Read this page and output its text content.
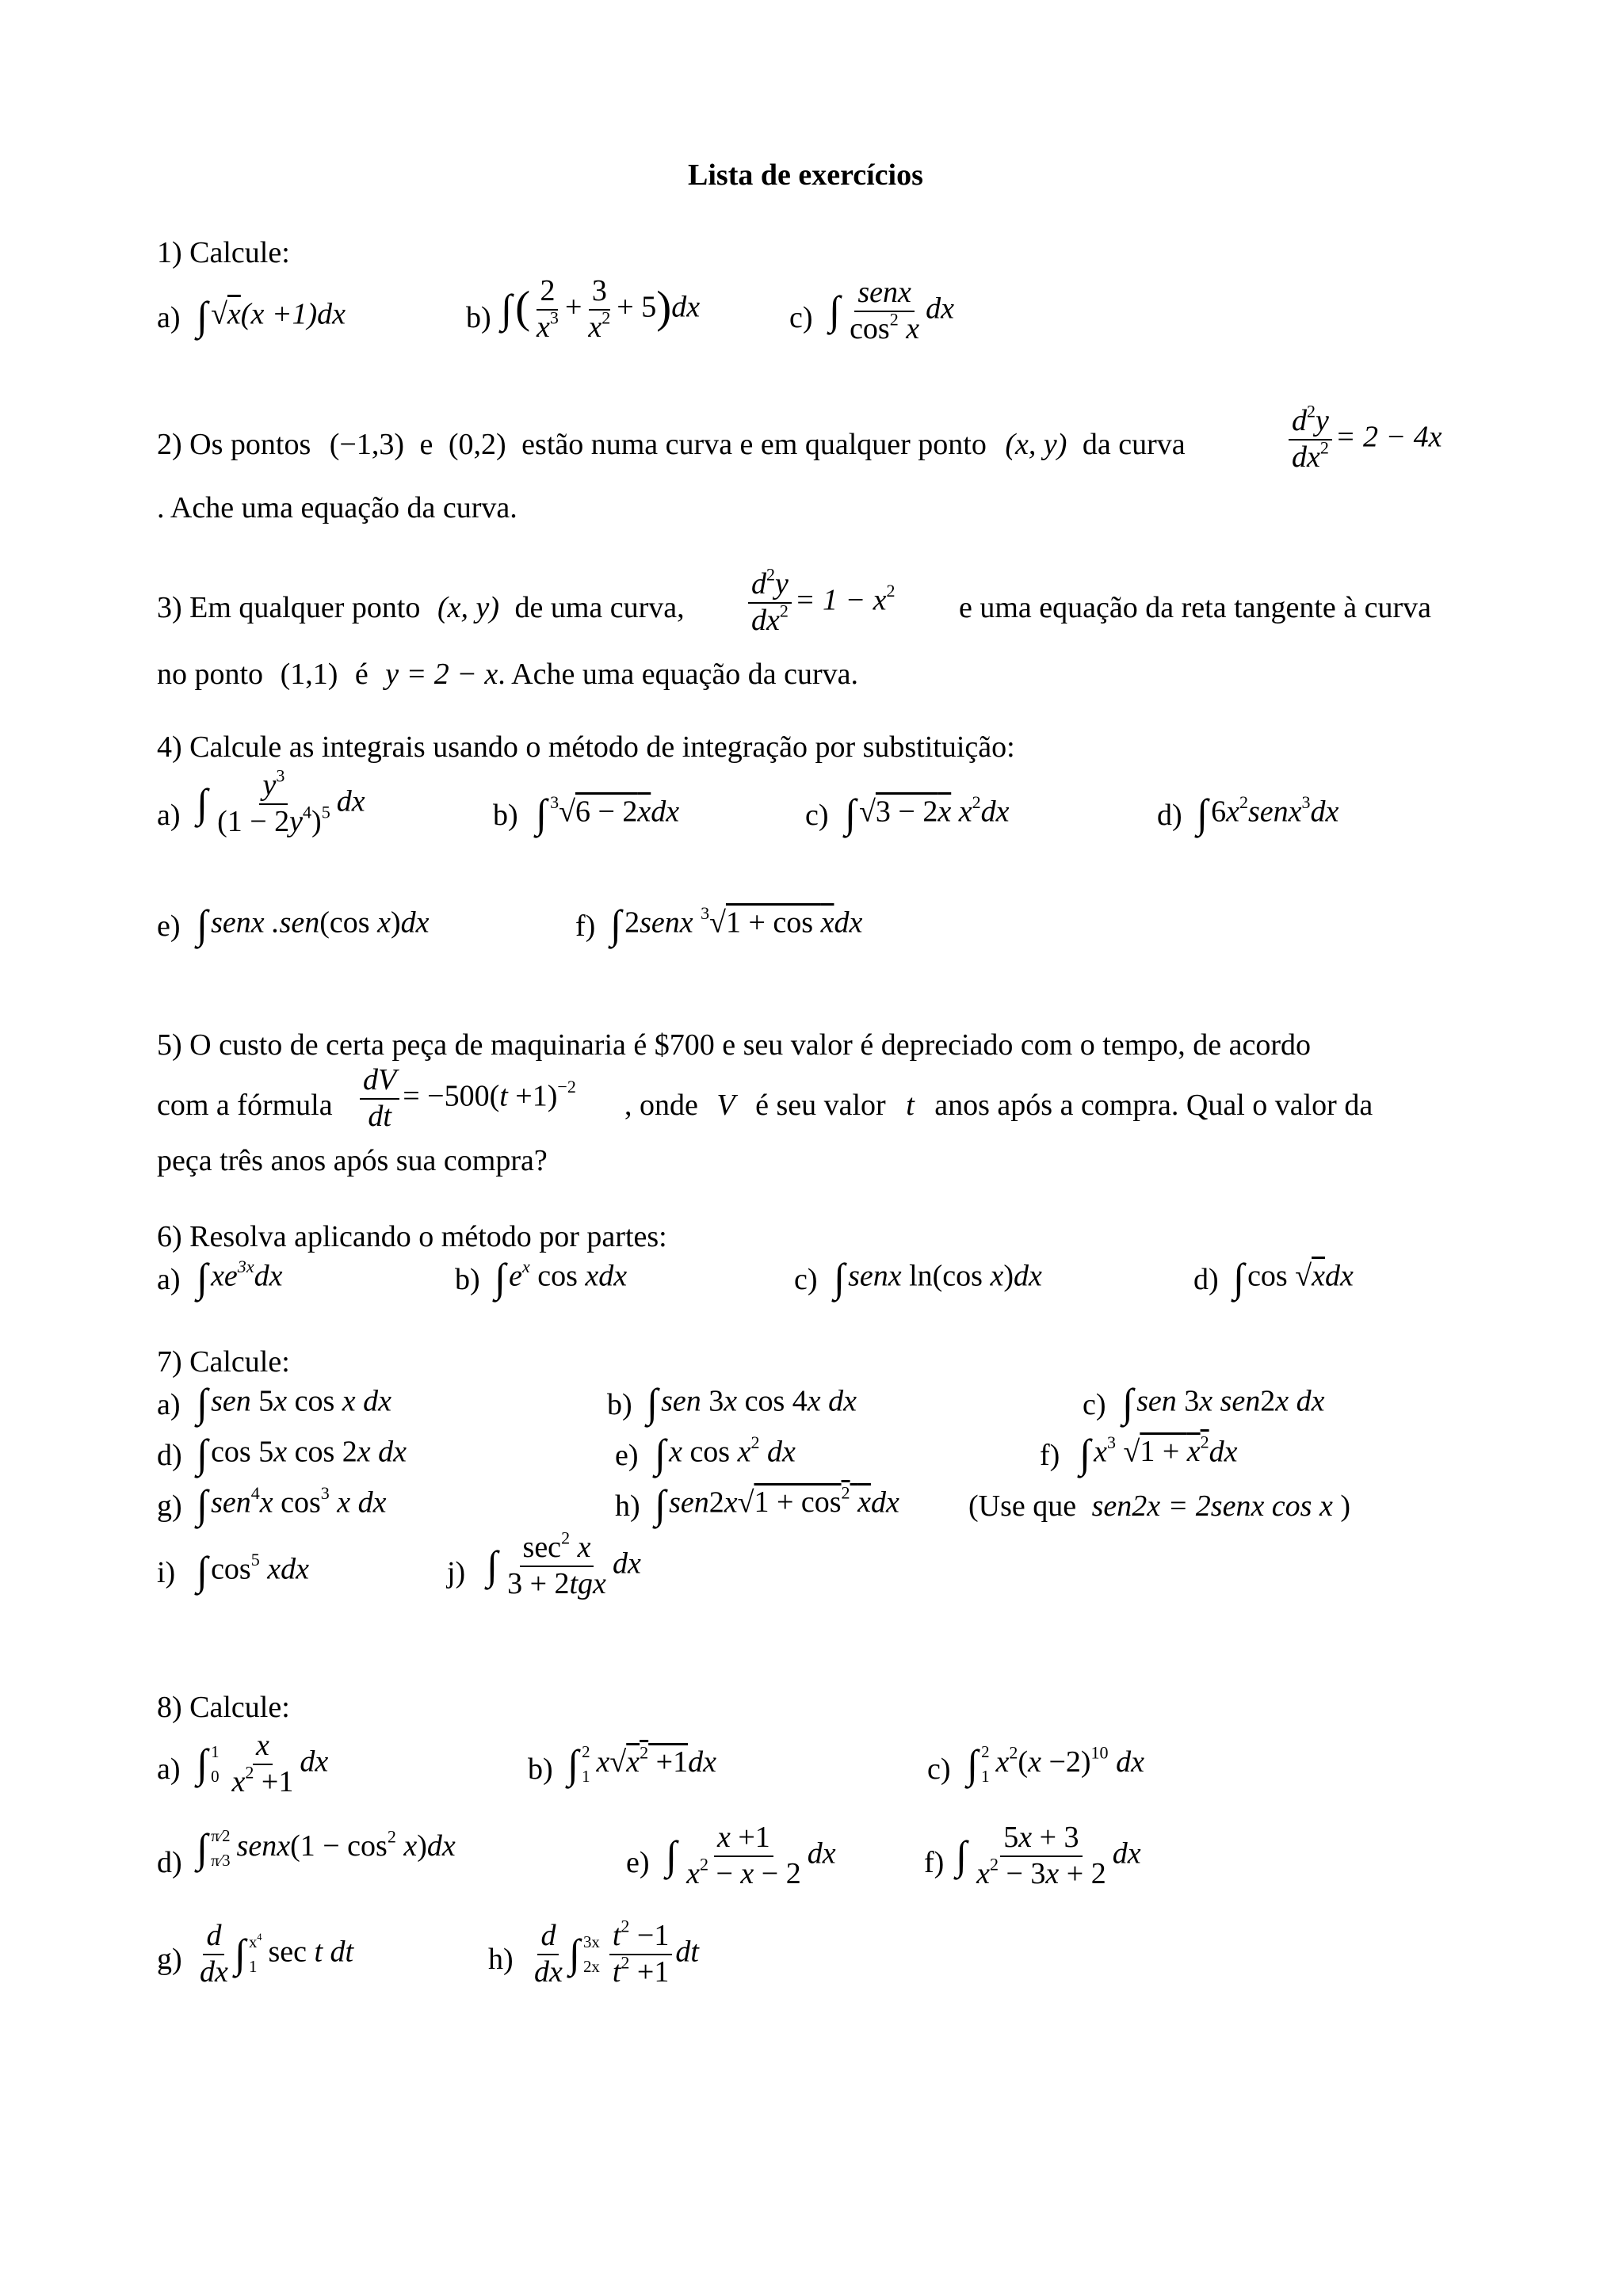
Lista de exercícios
1) Calcule:
a) ∫ √x(x +1)dx	b) ∫( $\frac{2}{x^3} + \frac{3}{x^2} + 5)dx$	c) ∫ $\frac{\text{senx}}{\cos^2 x}$ dx
2) Os pontos (−1,3) e (0,2) estão numa curva e em qualquer ponto (x, y) da curva	$\frac{d^2y}{dx^2} = 2 - 4x$
. Ache uma equação da curva.
3) Em qualquer ponto (x, y) de uma curva, $\frac{d^2y}{dx^2} = 1 - x^2$
e uma equação da reta tangente à curva
no ponto (1,1) é y = 2 − x. Ache uma equação da curva.
4) Calcule as integrais usando o método de integração por substituição:
a) ∫ $\frac{y^3}{(1 - 2y^4)^5}$ dx	b) ∫ $^3$√6 − 2xdx	c) ∫ √3 − 2x $x^2dx$	d) ∫ $6x^2senx^3dx$
e) ∫ senx .sen(cos x)dx	f) ∫ 2senx $^3$√1 + cos xdx
5) O custo de certa peça de maquinaria é $700 e seu valor é depreciado com o tempo, de acordo
com a fórmula $\frac{dV}{dt} = -500(t +1)^{-2}$
, onde V é seu valor t anos após a compra. Qual o valor da
peça três anos após sua compra?
6) Resolva aplicando o método por partes:
a) ∫ $xe^{3x}dx$	b) ∫ $e^x$ cos xdx	c) ∫ senx ln(cos x)dx	d) ∫ cos √xdx
7) Calcule:
a) ∫ sen 5x cos x dx	b) ∫ sen 3x cos 4x dx	c) ∫ sen 3x sen2x dx
d) ∫ cos 5x cos 2x dx	e) ∫ x $\cos x^2$ dx	f) ∫ $x^3$ $√1 + x^2dx$
g) ∫ sen$^4$x $\cos^3 x$ dx	h) ∫ $sen2x√1 + \cos^2$ xdx (Use que sen2x = 2senx cos x )
i) ∫ $\cos^5$ xdx	j) ∫ $\frac{\sec^2 x}{\text{3 + 2tgx}}$ dx
8) Calcule:
a) ∫ 1
$0 \frac{x}{x^2 +1}$ dx	b) ∫ 2
1 $x√x^2 +1dx$	c) ∫ 2
1 $x^2(x -2)^{10}$ dx
d) ∫ π⁄2
π⁄3 senx(1 − $\cos^2 x)dx$	e) ∫ $\frac{x +1}{x^2 - x - 2}$ dx	f) ∫ $\frac{5x + 3}{x^2 - 3x + 2}$ dx
$g) \frac{d}{dx}$ ∫ $x^4$
1 sec t dt	$h) \frac{d}{dx}$ ∫ 3x
$2x \frac{t^2 -1}{t^2 +1}$ dt
